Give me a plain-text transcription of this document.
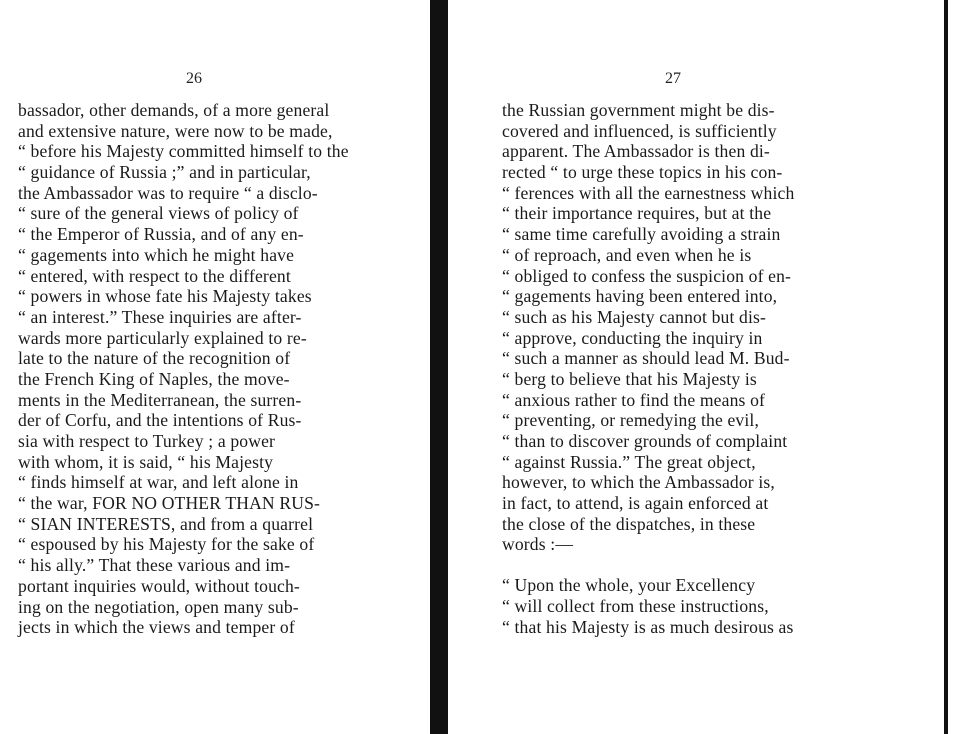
26	27
bassador, other demands, of a more general
and extensive nature, were now to be made,
“ before his Majesty committed himself to the
“ guidance of Russia ;” and in particular,
the Ambassador was to require “ a disclo-
“ sure of the general views of policy of
“ the Emperor of Russia, and of any en-
“ gagements into which he might have
“ entered, with respect to the different
“ powers in whose fate his Majesty takes
“ an interest.” These inquiries are after-
wards more particularly explained to re-
late to the nature of the recognition of
the French King of Naples, the move-
ments in the Mediterranean, the surren-
der of Corfu, and the intentions of Rus-
sia with respect to Turkey ; a power
with whom, it is said, “ his Majesty
“ finds himself at war, and left alone in
“ the war, FOR NO OTHER THAN RUS-
“ SIAN INTERESTS, and from a quarrel
“ espoused by his Majesty for the sake of
“ his ally.” That these various and im-
portant inquiries would, without touch-
ing on the negotiation, open many sub-
jects in which the views and temper of
the Russian government might be dis-
covered and influenced, is sufficiently
apparent. The Ambassador is then di-
rected “ to urge these topics in his con-
“ ferences with all the earnestness which
“ their importance requires, but at the
“ same time carefully avoiding a strain
“ of reproach, and even when he is
“ obliged to confess the suspicion of en-
“ gagements having been entered into,
“ such as his Majesty cannot but dis-
“ approve, conducting the inquiry in
“ such a manner as should lead M. Bud-
“ berg to believe that his Majesty is
“ anxious rather to find the means of
“ preventing, or remedying the evil,
“ than to discover grounds of complaint
“ against Russia.” The great object,
however, to which the Ambassador is,
in fact, to attend, is again enforced at
the close of the dispatches, in these
words :—
“ Upon the whole, your Excellency
“ will collect from these instructions,
“ that his Majesty is as much desirous as
